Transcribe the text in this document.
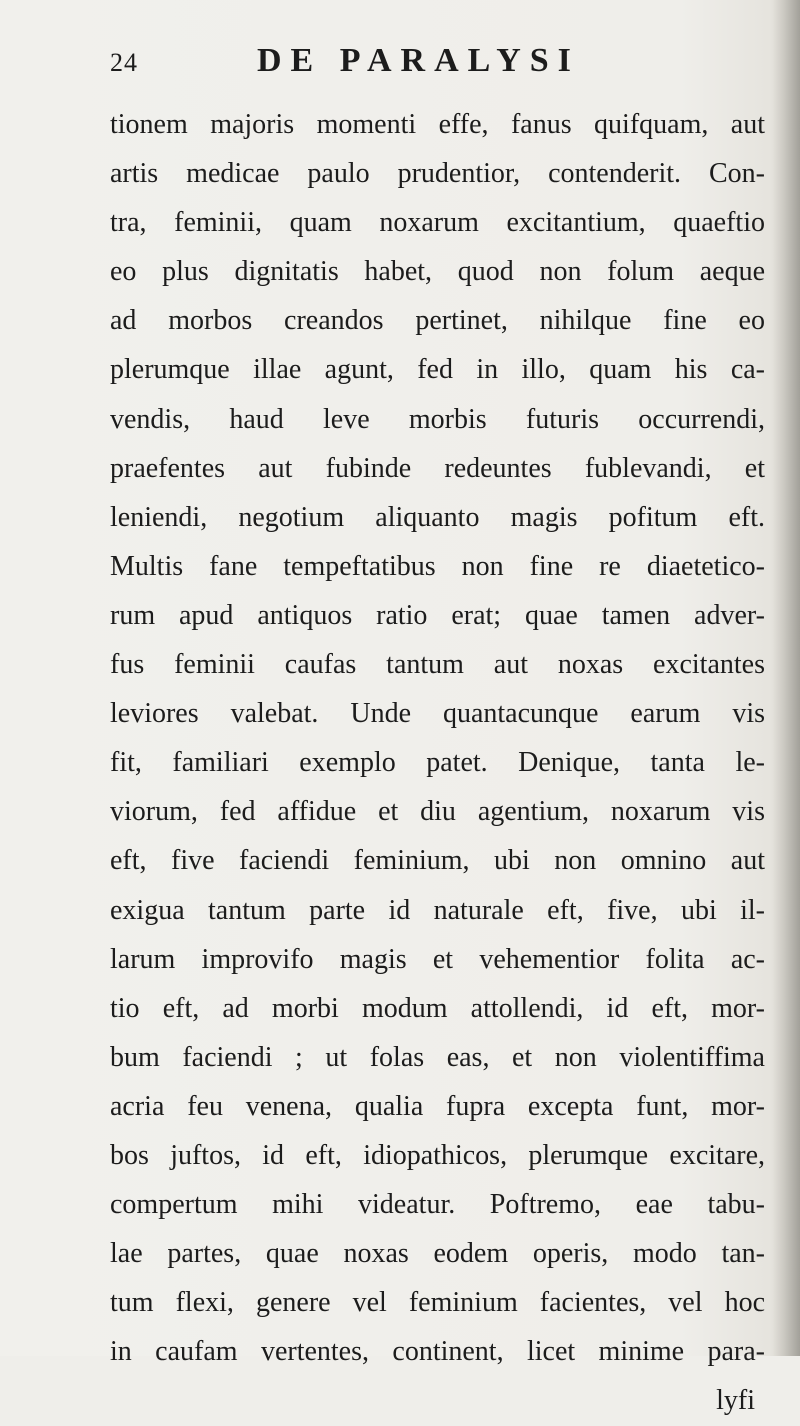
24	DE PARALYSI
tionem majoris momenti effe, fanus quifquam, aut
artis medicae paulo prudentior, contenderit. Con-
tra, feminii, quam noxarum excitantium, quaeftio
eo plus dignitatis habet, quod non folum aeque
ad morbos creandos pertinet, nihilque fine eo
plerumque illae agunt, fed in illo, quam his ca-
vendis, haud leve morbis futuris occurrendi,
praefentes aut fubinde redeuntes fublevandi, et
leniendi, negotium aliquanto magis pofitum eft.
Multis fane tempeftatibus non fine re diaetetico-
rum apud antiquos ratio erat; quae tamen adver-
fus feminii caufas tantum aut noxas excitantes
leviores valebat. Unde quantacunque earum vis
fit, familiari exemplo patet. Denique, tanta le-
viorum, fed affidue et diu agentium, noxarum vis
eft, five faciendi feminium, ubi non omnino aut
exigua tantum parte id naturale eft, five, ubi il-
larum improvifo magis et vehementior folita ac-
tio eft, ad morbi modum attollendi, id eft, mor-
bum faciendi ; ut folas eas, et non violentiffima
acria feu venena, qualia fupra excepta funt, mor-
bos juftos, id eft, idiopathicos, plerumque excitare,
compertum mihi videatur. Poftremo, eae tabu-
lae partes, quae noxas eodem operis, modo tan-
tum flexi, genere vel feminium facientes, vel hoc
in caufam vertentes, continent, licet minime para-
lyfi
